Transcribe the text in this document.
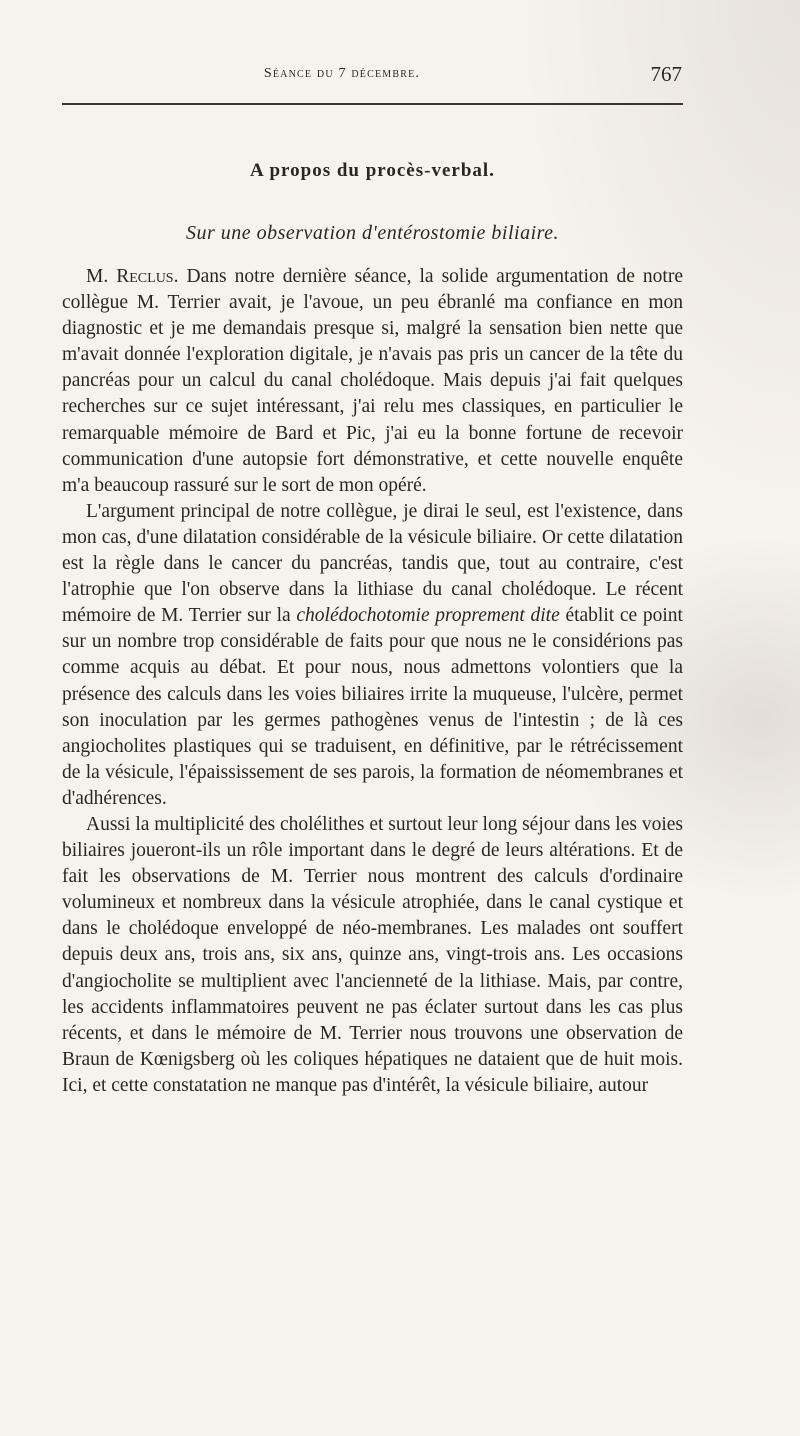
Séance du 7 décembre.	767
A propos du procès-verbal.
Sur une observation d'entérostomie biliaire.

M. Reclus. Dans notre dernière séance, la solide argumentation de notre collègue M. Terrier avait, je l'avoue, un peu ébranlé ma confiance en mon diagnostic et je me demandais presque si, malgré la sensation bien nette que m'avait donnée l'exploration digitale, je n'avais pas pris un cancer de la tête du pancréas pour un calcul du canal cholédoque. Mais depuis j'ai fait quelques recherches sur ce sujet intéressant, j'ai relu mes classiques, en particulier le remarquable mémoire de Bard et Pic, j'ai eu la bonne fortune de recevoir communication d'une autopsie fort démonstrative, et cette nouvelle enquête m'a beaucoup rassuré sur le sort de mon opéré.

L'argument principal de notre collègue, je dirai le seul, est l'existence, dans mon cas, d'une dilatation considérable de la vésicule biliaire. Or cette dilatation est la règle dans le cancer du pancréas, tandis que, tout au contraire, c'est l'atrophie que l'on observe dans la lithiase du canal cholédoque. Le récent mémoire de M. Terrier sur la cholédochotomie proprement dite établit ce point sur un nombre trop considérable de faits pour que nous ne le considérions pas comme acquis au débat. Et pour nous, nous admettons volontiers que la présence des calculs dans les voies biliaires irrite la muqueuse, l'ulcère, permet son inoculation par les germes pathogènes venus de l'intestin ; de là ces angiocholites plastiques qui se traduisent, en définitive, par le rétrécissement de la vésicule, l'épaississement de ses parois, la formation de néomembranes et d'adhérences.

Aussi la multiplicité des cholélithes et surtout leur long séjour dans les voies biliaires joueront-ils un rôle important dans le degré de leurs altérations. Et de fait les observations de M. Terrier nous montrent des calculs d'ordinaire volumineux et nombreux dans la vésicule atrophiée, dans le canal cystique et dans le cholédoque enveloppé de néo-membranes. Les malades ont souffert depuis deux ans, trois ans, six ans, quinze ans, vingt-trois ans. Les occasions d'angiocholite se multiplient avec l'ancienneté de la lithiase. Mais, par contre, les accidents inflammatoires peuvent ne pas éclater surtout dans les cas plus récents, et dans le mémoire de M. Terrier nous trouvons une observation de Braun de Kœnigsberg où les coliques hépatiques ne dataient que de huit mois. Ici, et cette constatation ne manque pas d'intérêt, la vésicule biliaire, autour
